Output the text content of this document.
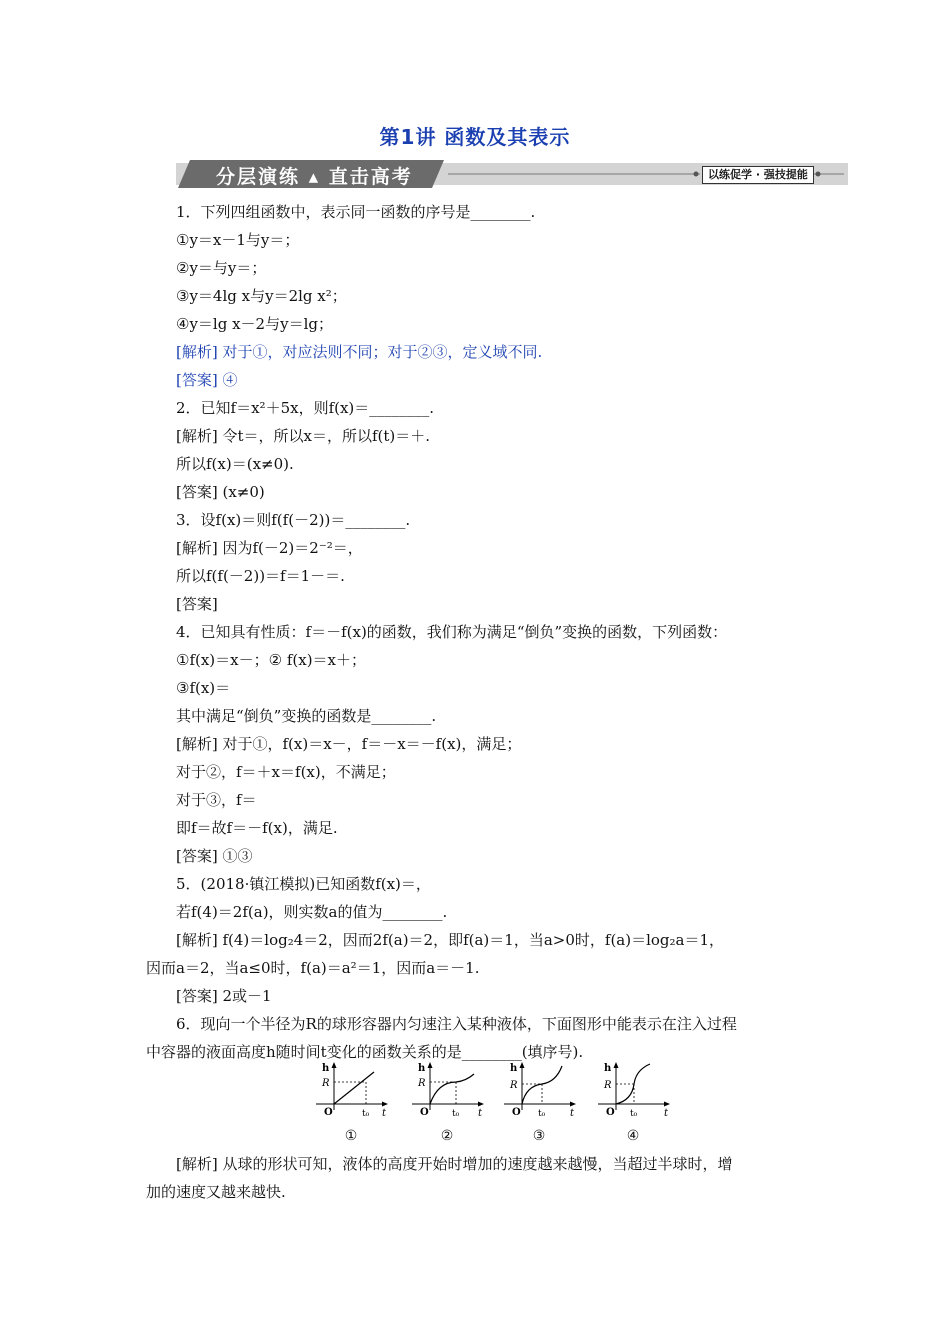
第1讲 函数及其表示
分层演练 ▴ 直击高考	以练促学 · 强技提能
1．下列四组函数中，表示同一函数的序号是________.
①y＝x－1与y＝；
②y＝与y＝；
③y＝4lg x与y＝2lg x²；
④y＝lg x－2与y＝lg；
[解析] 对于①，对应法则不同；对于②③，定义域不同.
[答案] ④
2．已知f＝x²＋5x，则f(x)＝________.
[解析] 令t＝，所以x＝，所以f(t)＝＋.
所以f(x)＝(x≠0).
[答案] (x≠0)
3．设f(x)＝则f(f(－2))＝________.
[解析] 因为f(－2)＝2⁻²＝，
所以f(f(－2))＝f＝1－＝.
[答案]
4．已知具有性质：f＝－f(x)的函数，我们称为满足“倒负”变换的函数，下列函数：
①f(x)＝x－；② f(x)＝x＋；
③f(x)＝
其中满足“倒负”变换的函数是________.
[解析] 对于①，f(x)＝x－，f＝－x＝－f(x)，满足；
对于②，f＝＋x＝f(x)，不满足；
对于③，f＝
即f＝故f＝－f(x)，满足.
[答案] ①③
5．(2018·镇江模拟)已知函数f(x)＝，
若f(4)＝2f(a)，则实数a的值为________.
[解析] f(4)＝log₂4＝2，因而2f(a)＝2，即f(a)＝1，当a>0时，f(a)＝log₂a＝1，
因而a＝2，当a≤0时，f(a)＝a²＝1，因而a＝－1.
[答案] 2或－1
6．现向一个半径为R的球形容器内匀速注入某种液体，下面图形中能表示在注入过程
中容器的液面高度h随时间t变化的函数关系的是________(填序号).
h
R
O	t₀ t
①
h
R
O	t₀ t
②
h
R
O t₀ t
③
h
R
O t₀	t
④
[解析] 从球的形状可知，液体的高度开始时增加的速度越来越慢，当超过半球时，增
加的速度又越来越快.
